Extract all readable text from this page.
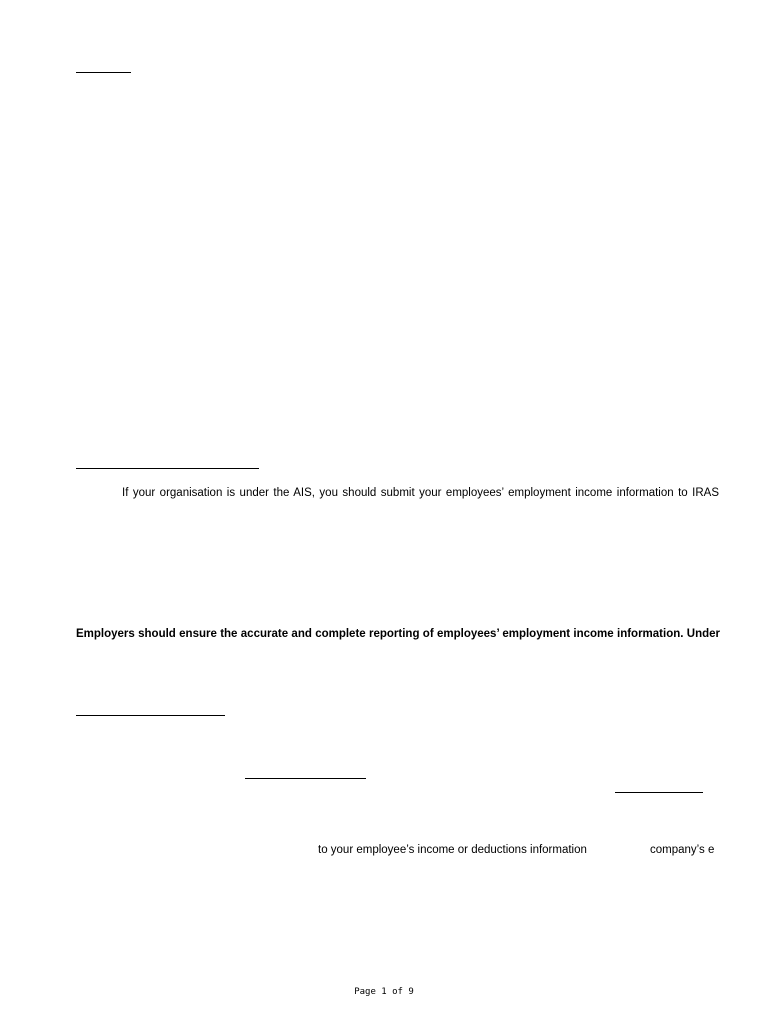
If your organisation is under the AIS, you should submit your employees’ employment income information to IRAS
Employers should ensure the accurate and complete reporting of employees’ employment income information. Under
to your employee’s income or deductions information	company’s e
Page 1 of 9
